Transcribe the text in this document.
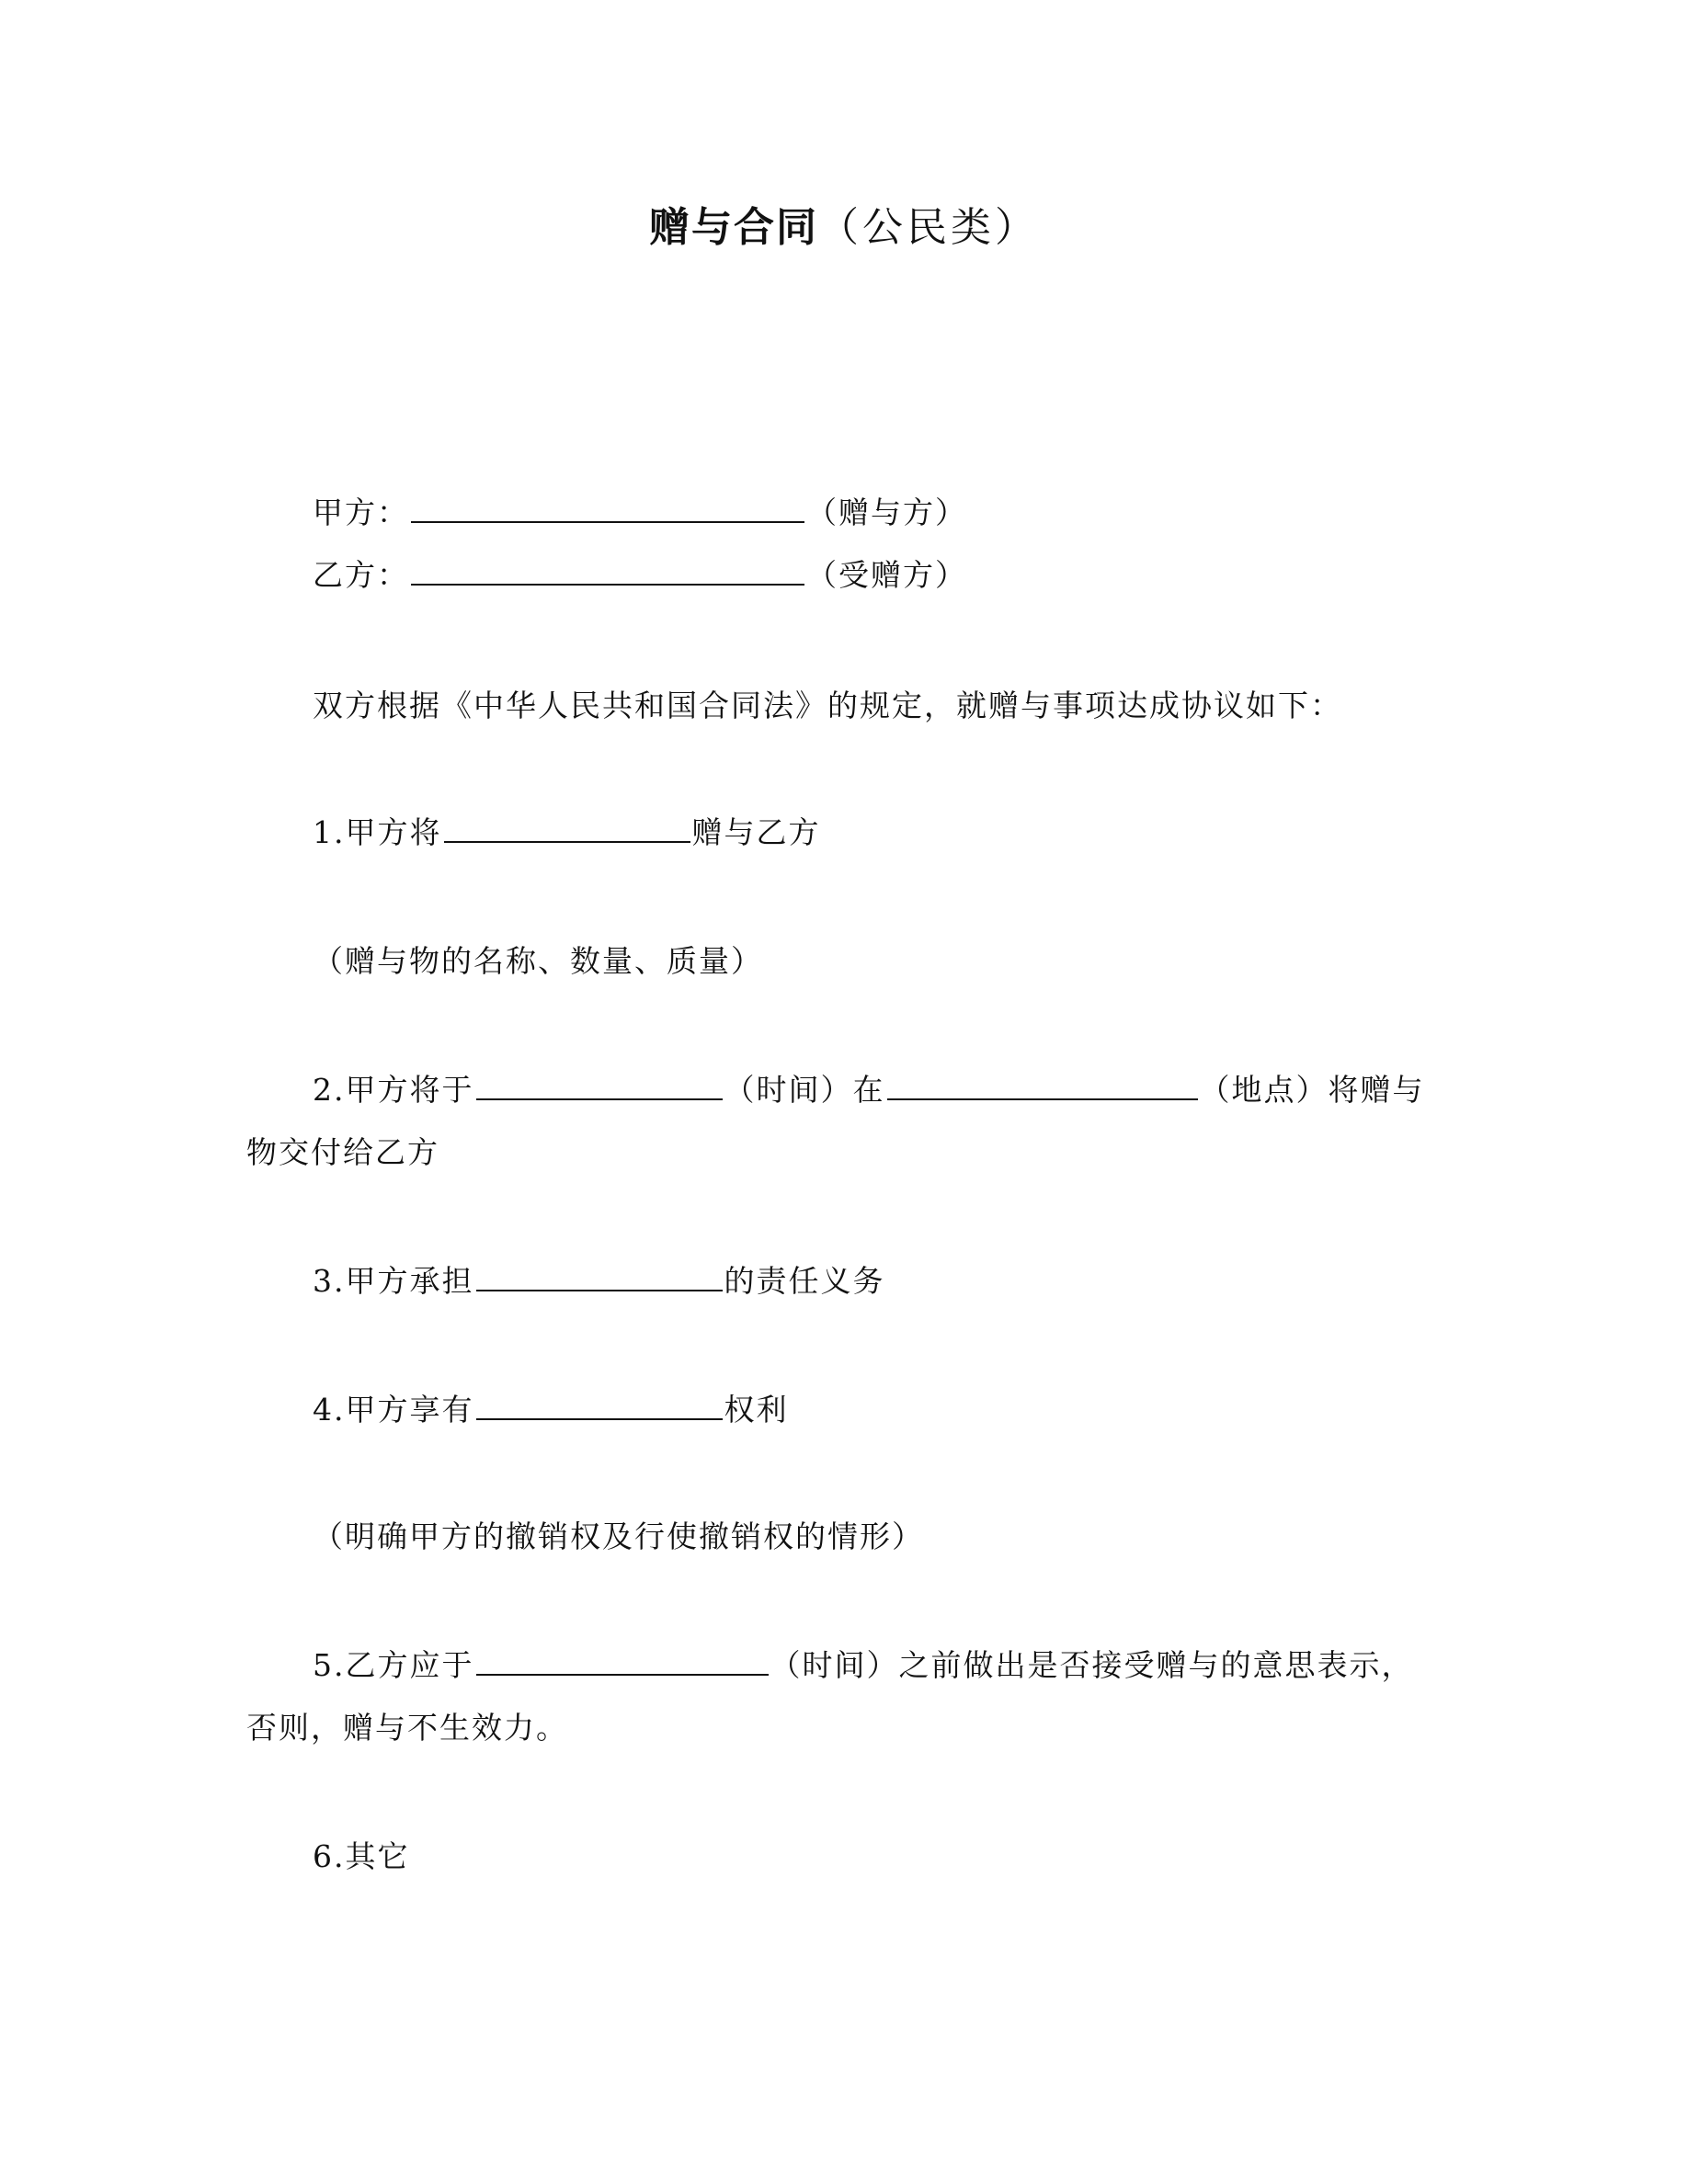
赠与合同（公民类）
甲方：	（赠与方）
乙方：	（受赠方）
双方根据《中华人民共和国合同法》的规定，就赠与事项达成协议如下：
1.甲方将	赠与乙方
（赠与物的名称、数量、质量）
2.甲方将于	（时间）在	（地点）将赠与
物交付给乙方
3.甲方承担	的责任义务
4.甲方享有	权利
（明确甲方的撤销权及行使撤销权的情形）
5.乙方应于	（时间）之前做出是否接受赠与的意思表示，
否则，赠与不生效力。
6.其它
